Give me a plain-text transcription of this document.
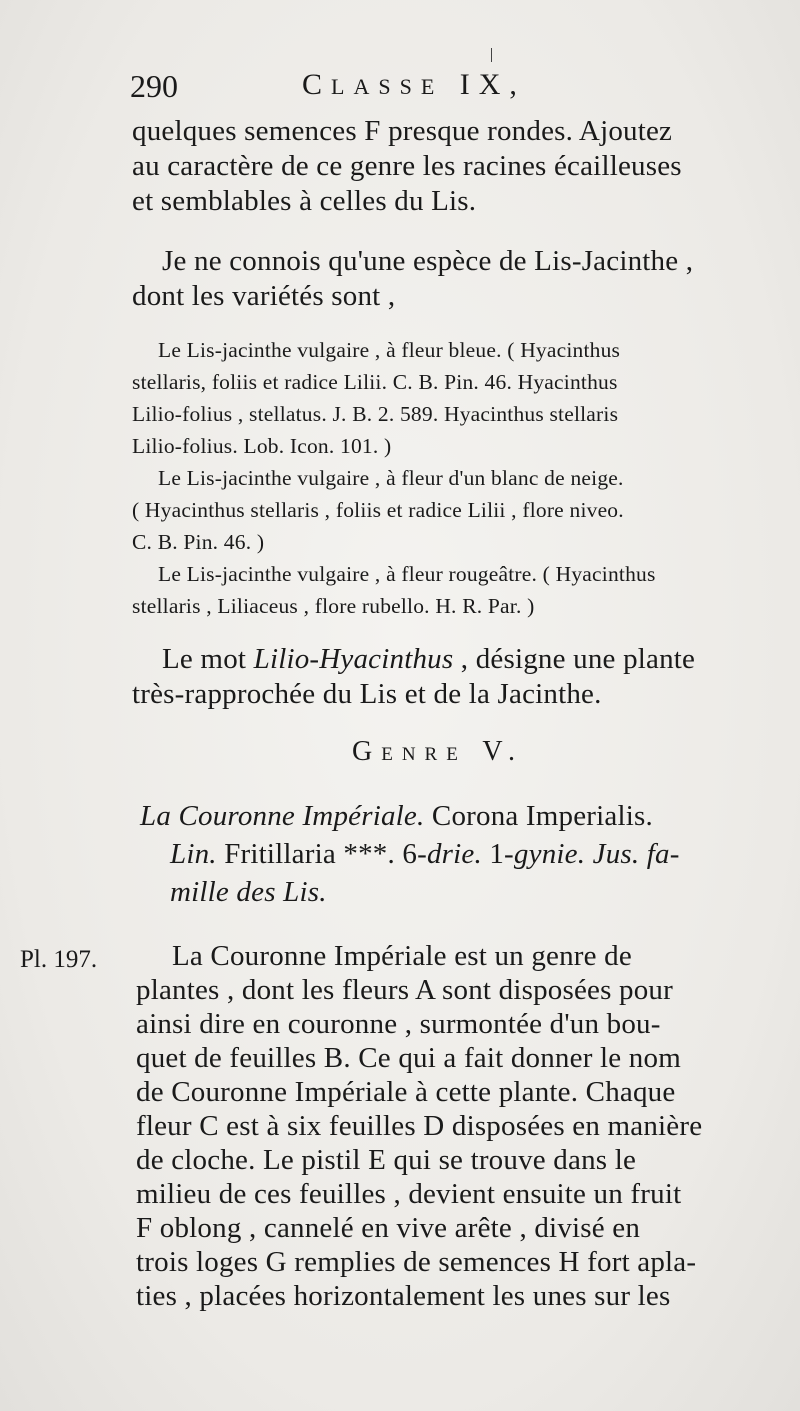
290	CLASSE IX,
quelques semences F presque rondes. Ajoutez
au caractère de ce genre les racines écailleuses
et semblables à celles du Lis.
Je ne connois qu'une espèce de Lis-Jacinthe ,
dont les variétés sont ,
Le Lis-jacinthe vulgaire , à fleur bleue. ( Hyacinthus
stellaris, foliis et radice Lilii. C. B. Pin. 46. Hyacinthus
Lilio-folius , stellatus. J. B. 2. 589. Hyacinthus stellaris
Lilio-folius. Lob. Icon. 101. )
Le Lis-jacinthe vulgaire , à fleur d'un blanc de neige.
( Hyacinthus stellaris , foliis et radice Lilii , flore niveo.
C. B. Pin. 46. )
Le Lis-jacinthe vulgaire , à fleur rougeâtre. ( Hyacinthus
stellaris , Liliaceus , flore rubello. H. R. Par. )
Le mot Lilio-Hyacinthus , désigne une plante
très-rapprochée du Lis et de la Jacinthe.
GENRE V.
La Couronne Impériale. Corona Imperialis.
Lin. Fritillaria ***. 6-drie. 1-gynie. Jus. fa-
mille des Lis.
Pl. 197.	La Couronne Impériale est un genre de
plantes , dont les fleurs A sont disposées pour
ainsi dire en couronne , surmontée d'un bou-
quet de feuilles B. Ce qui a fait donner le nom
de Couronne Impériale à cette plante. Chaque
fleur C est à six feuilles D disposées en manière
de cloche. Le pistil E qui se trouve dans le
milieu de ces feuilles , devient ensuite un fruit
F oblong , cannelé en vive arête , divisé en
trois loges G remplies de semences H fort apla-
ties , placées horizontalement les unes sur les
